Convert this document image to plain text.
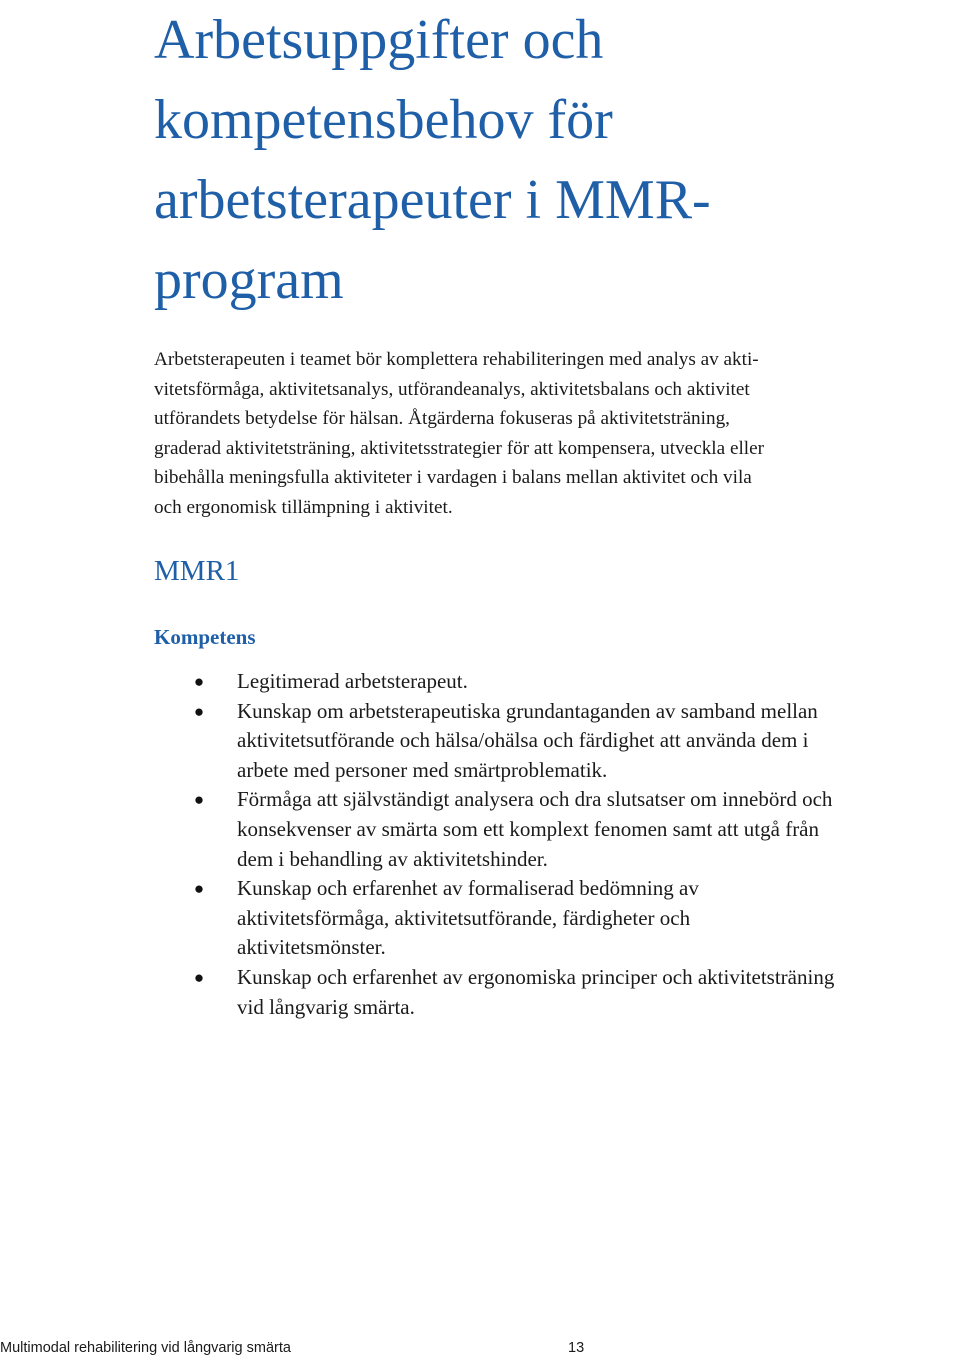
Arbetsuppgifter och
kompetensbehov för
arbetsterapeuter i MMR-
program

Arbetsterapeuten i teamet bör komplettera rehabiliteringen med analys av akti-
vitetsförmåga, aktivitetsanalys, utförandeanalys, aktivitetsbalans och aktivitet
utförandets betydelse för hälsan. Åtgärderna fokuseras på aktivitetsträning,
graderad aktivitetsträning, aktivitetsstrategier för att kompensera, utveckla eller
bibehålla meningsfulla aktiviteter i vardagen i balans mellan aktivitet och vila
och ergonomisk tillämpning i aktivitet.

MMR1
Kompetens
● Legitimerad arbetsterapeut.
● Kunskap om arbetsterapeutiska grundantaganden av samband mellan
aktivitetsutförande och hälsa/ohälsa och färdighet att använda dem i
arbete med personer med smärtproblematik.
● Förmåga att självständigt analysera och dra slutsatser om innebörd och
konsekvenser av smärta som ett komplext fenomen samt att utgå från
dem i behandling av aktivitetshinder.
● Kunskap och erfarenhet av formaliserad bedömning av
aktivitetsförmåga, aktivitetsutförande, färdigheter och
aktivitetsmönster.
● Kunskap och erfarenhet av ergonomiska principer och aktivitetsträning
vid långvarig smärta.
Multimodal rehabilitering vid långvarig smärta	13
